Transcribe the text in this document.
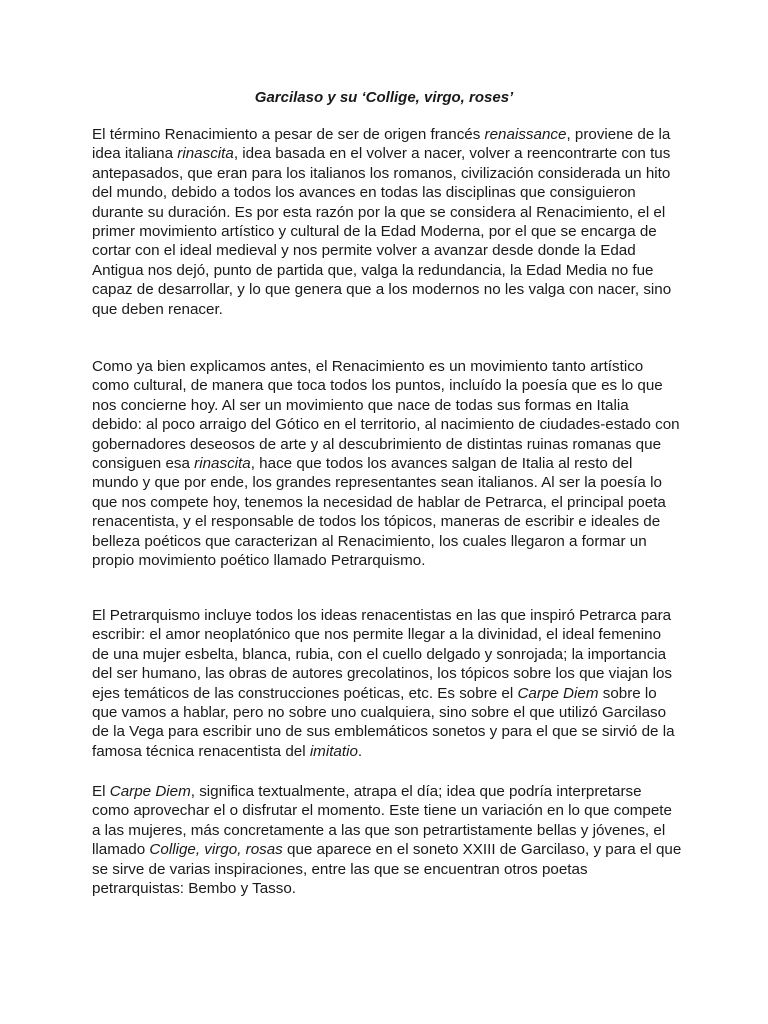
Garcilaso y su ‘Collige, virgo, roses’

El término Renacimiento a pesar de ser de origen francés renaissance, proviene de la idea italiana rinascita, idea basada en el volver a nacer, volver a reencontrarte con tus antepasados, que eran para los italianos los romanos, civilización considerada un hito del mundo, debido a todos los avances en todas las disciplinas que consiguieron durante su duración. Es por esta razón por la que se considera al Renacimiento, el el primer movimiento artístico y cultural de la Edad Moderna, por el que se encarga de cortar con el ideal medieval y nos permite volver a avanzar desde donde la Edad Antigua nos dejó, punto de partida que, valga la redundancia, la Edad Media no fue capaz de desarrollar, y lo que genera que a los modernos no les valga con nacer, sino que deben renacer.

Como ya bien explicamos antes, el Renacimiento es un movimiento tanto artístico como cultural, de manera que toca todos los puntos, incluído la poesía que es lo que nos concierne hoy. Al ser un movimiento que nace de todas sus formas en Italia debido: al poco arraigo del Gótico en el territorio, al nacimiento de ciudades-estado con gobernadores deseosos de arte y al descubrimiento de distintas ruinas romanas que consiguen esa rinascita, hace que todos los avances salgan de Italia al resto del mundo y que por ende, los grandes representantes sean italianos. Al ser la poesía lo que nos compete hoy, tenemos la necesidad de hablar de Petrarca, el principal poeta renacentista, y el responsable de todos los tópicos, maneras de escribir e ideales de belleza poéticos que caracterizan al Renacimiento, los cuales llegaron a formar un propio movimiento poético llamado Petrarquismo.

El Petrarquismo incluye todos los ideas renacentistas en las que inspiró Petrarca para escribir: el amor neoplatónico que nos permite llegar a la divinidad, el ideal femenino de una mujer esbelta, blanca, rubia, con el cuello delgado y sonrojada; la importancia del ser humano, las obras de autores grecolatinos, los tópicos sobre los que viajan los ejes temáticos de las construcciones poéticas, etc. Es sobre el Carpe Diem sobre lo que vamos a hablar, pero no sobre uno cualquiera, sino sobre el que utilizó Garcilaso de la Vega para escribir uno de sus emblemáticos sonetos y para el que se sirvió de la famosa técnica renacentista del imitatio.

El Carpe Diem, significa textualmente, atrapa el día; idea que podría interpretarse como aprovechar el o disfrutar el momento. Este tiene un variación en lo que compete a las mujeres, más concretamente a las que son petrartistamente bellas y jóvenes, el llamado Collige, virgo, rosas que aparece en el soneto XXIII de Garcilaso, y para el que se sirve de varias inspiraciones, entre las que se encuentran otros poetas petrarquistas: Bembo y Tasso.
